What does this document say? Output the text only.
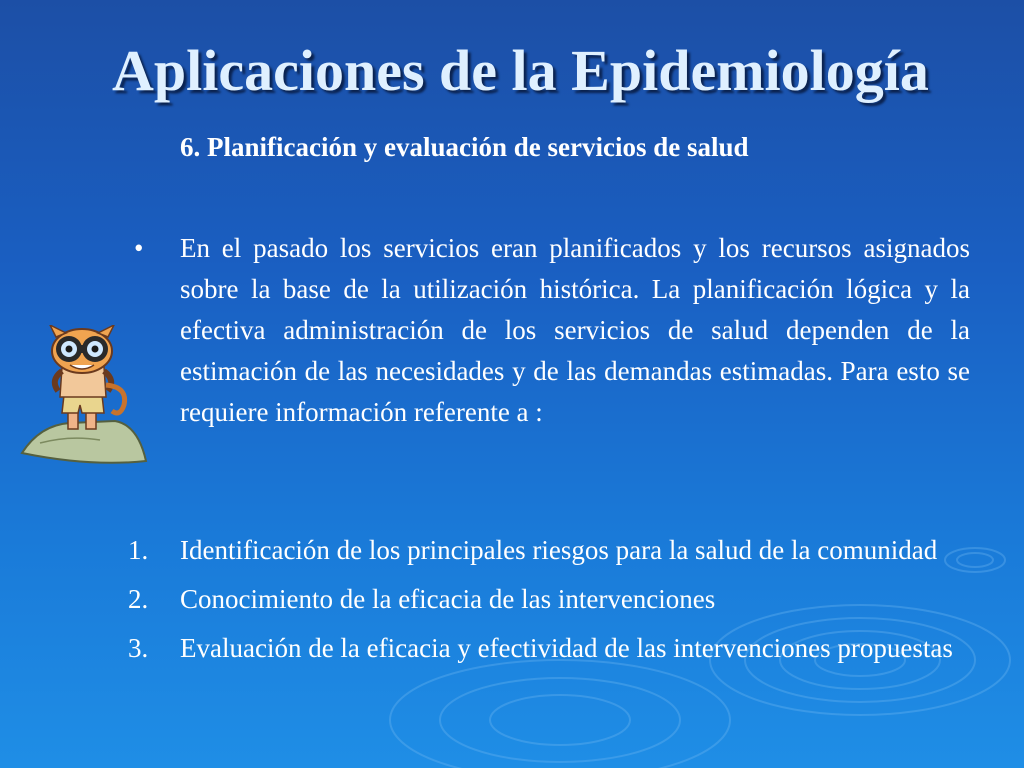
Aplicaciones de la Epidemiología
6. Planificación y evaluación de servicios de salud
• En el pasado los servicios eran planificados y los recursos asignados sobre la base de la utilización histórica. La planificación lógica y la efectiva administración de los servicios de salud dependen de la estimación de las necesidades y de las demandas estimadas. Para esto se requiere información referente a :
1.	Identificación de los principales riesgos para la salud de la comunidad
2.	Conocimiento de la eficacia de las intervenciones
3.	Evaluación de la eficacia y efectividad de las intervenciones propuestas
